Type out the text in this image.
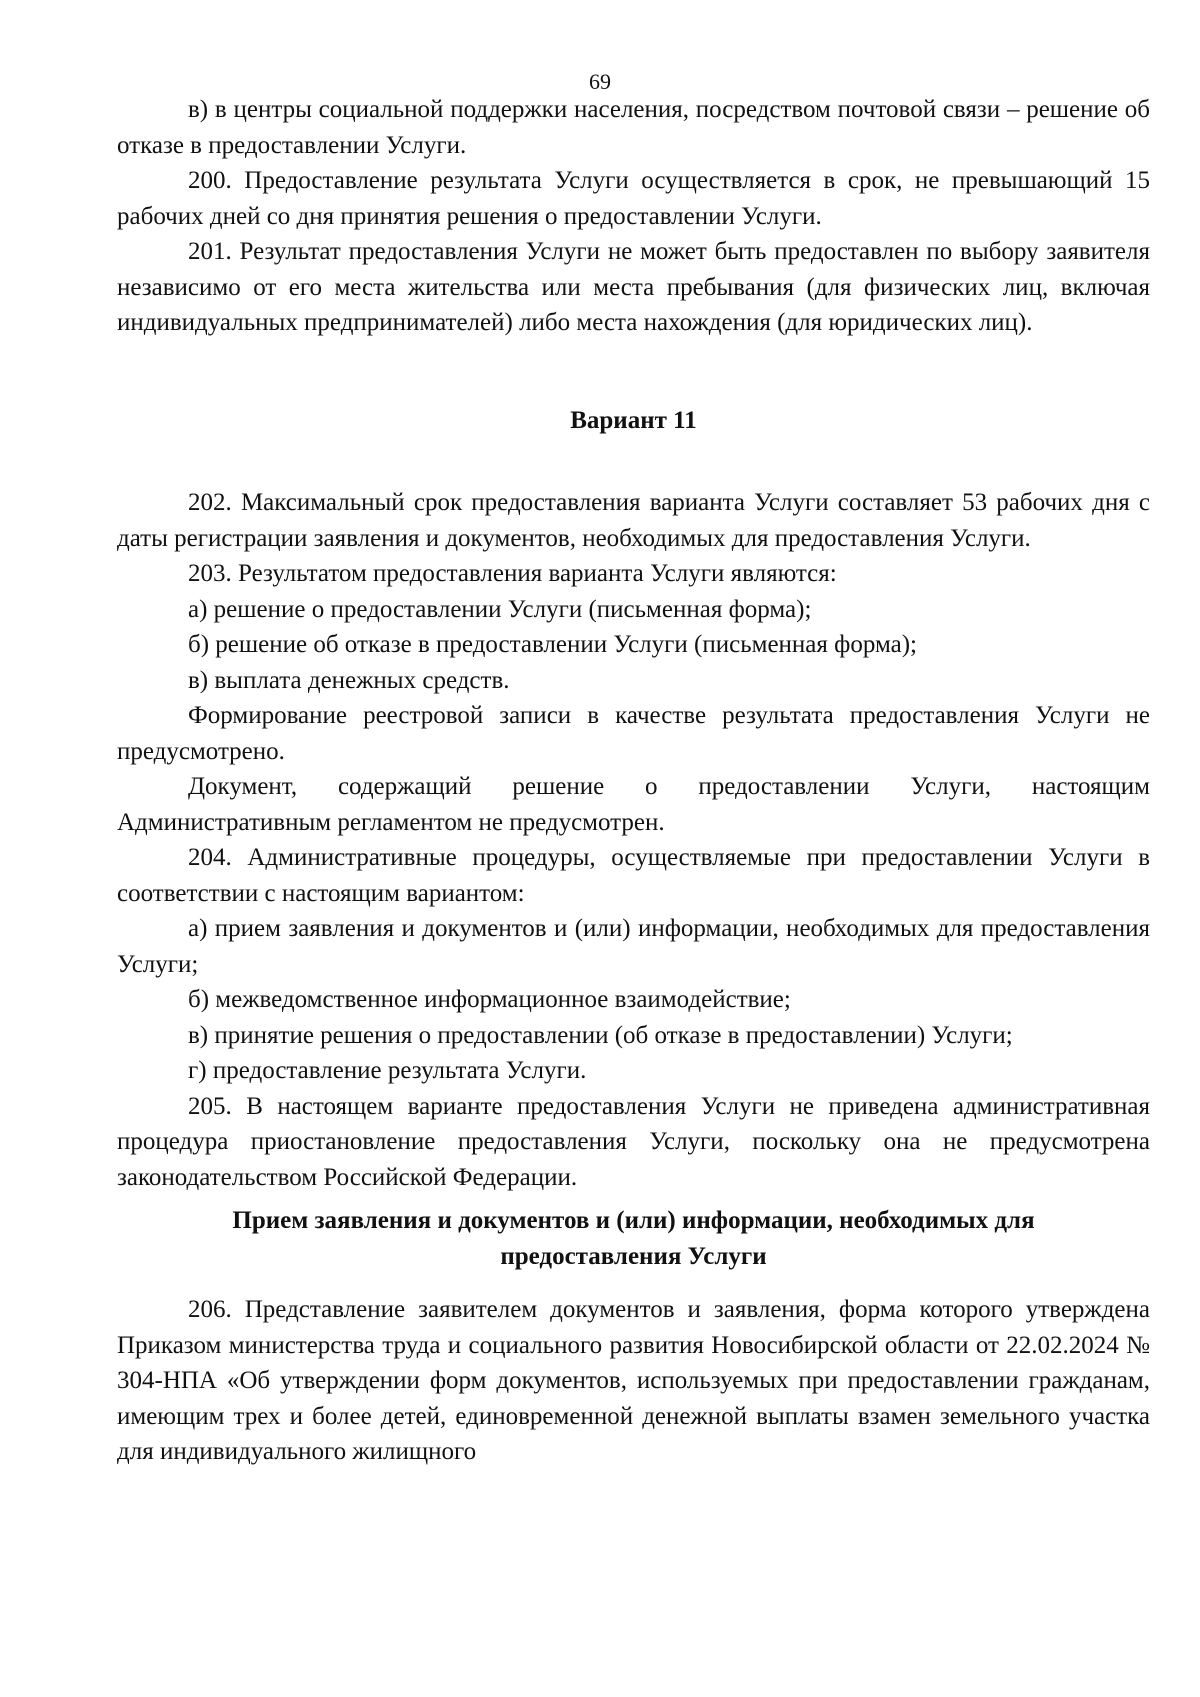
69

в) в центры социальной поддержки населения, посредством почтовой связи – решение об отказе в предоставлении Услуги.

200. Предоставление результата Услуги осуществляется в срок, не превышающий 15 рабочих дней со дня принятия решения о предоставлении Услуги.

201. Результат предоставления Услуги не может быть предоставлен по выбору заявителя независимо от его места жительства или места пребывания (для физических лиц, включая индивидуальных предпринимателей) либо места нахождения (для юридических лиц).

Вариант 11

202. Максимальный срок предоставления варианта Услуги составляет 53 рабочих дня с даты регистрации заявления и документов, необходимых для предоставления Услуги.

203. Результатом предоставления варианта Услуги являются:

а) решение о предоставлении Услуги (письменная форма);

б) решение об отказе в предоставлении Услуги (письменная форма);

в) выплата денежных средств.

Формирование реестровой записи в качестве результата предоставления Услуги не предусмотрено.

Документ, содержащий решение о предоставлении Услуги, настоящим Административным регламентом не предусмотрен.

204. Административные процедуры, осуществляемые при предоставлении Услуги в соответствии с настоящим вариантом:

а) прием заявления и документов и (или) информации, необходимых для предоставления Услуги;

б) межведомственное информационное взаимодействие;

в) принятие решения о предоставлении (об отказе в предоставлении) Услуги;

г) предоставление результата Услуги.

205. В настоящем варианте предоставления Услуги не приведена административная процедура приостановление предоставления Услуги, поскольку она не предусмотрена законодательством Российской Федерации.

Прием заявления и документов и (или) информации, необходимых для

предоставления Услуги

206. Представление заявителем документов и заявления, форма которого утверждена Приказом министерства труда и социального развития Новосибирской области от 22.02.2024 № 304-НПА «Об утверждении форм документов, используемых при предоставлении гражданам, имеющим трех и более детей, единовременной денежной выплаты взамен земельного участка для индивидуального жилищного
